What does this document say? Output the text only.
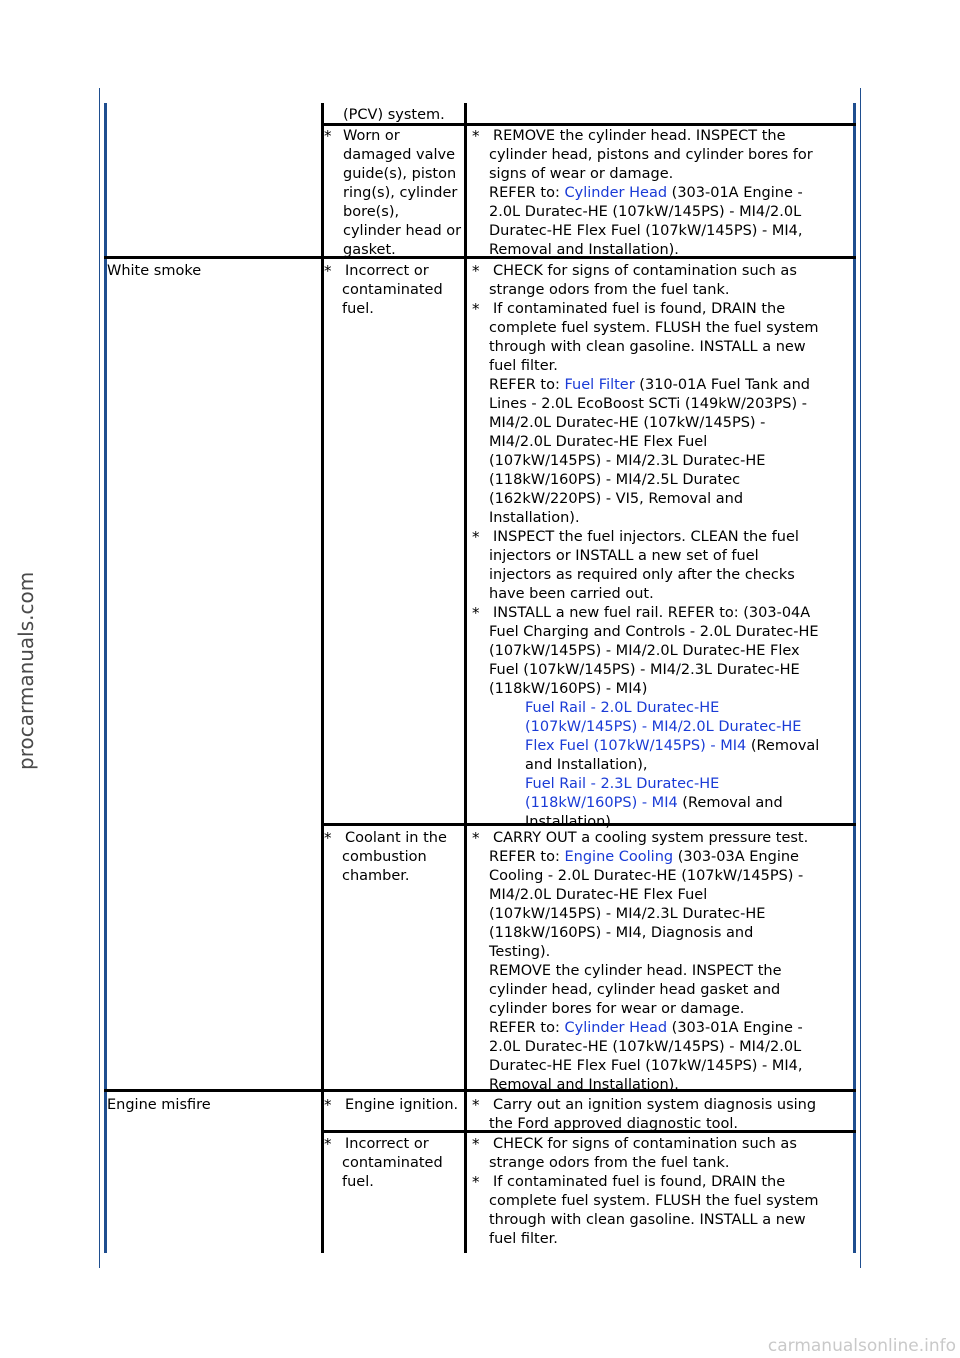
(PCV) system.
* Worn or
damaged valve
guide(s), piston
ring(s), cylinder
bore(s),
cylinder head or
gasket.
* REMOVE the cylinder head. INSPECT the
cylinder head, pistons and cylinder bores for
signs of wear or damage.
REFER to: Cylinder Head (303-01A Engine -
2.0L Duratec-HE (107kW/145PS) - MI4/2.0L
Duratec-HE Flex Fuel (107kW/145PS) - MI4,
Removal and Installation).
White smoke	* Incorrect or
contaminated
fuel.
* CHECK for signs of contamination such as
strange odors from the fuel tank.
* If contaminated fuel is found, DRAIN the
complete fuel system. FLUSH the fuel system
through with clean gasoline. INSTALL a new
fuel filter.
REFER to: Fuel Filter (310-01A Fuel Tank and
Lines - 2.0L EcoBoost SCTi (149kW/203PS) -
MI4/2.0L Duratec-HE (107kW/145PS) -
MI4/2.0L Duratec-HE Flex Fuel
(107kW/145PS) - MI4/2.3L Duratec-HE
(118kW/160PS) - MI4/2.5L Duratec
(162kW/220PS) - VI5, Removal and
Installation).
* INSPECT the fuel injectors. CLEAN the fuel
injectors or INSTALL a new set of fuel
injectors as required only after the checks
have been carried out.
* INSTALL a new fuel rail. REFER to: (303-04A
Fuel Charging and Controls - 2.0L Duratec-HE
(107kW/145PS) - MI4/2.0L Duratec-HE Flex
Fuel (107kW/145PS) - MI4/2.3L Duratec-HE
(118kW/160PS) - MI4)
Fuel Rail - 2.0L Duratec-HE
(107kW/145PS) - MI4/2.0L Duratec-HE
Flex Fuel (107kW/145PS) - MI4 (Removal
and Installation),
Fuel Rail - 2.3L Duratec-HE
(118kW/160PS) - MI4 (Removal and
Installation).
* Coolant in the
combustion
chamber.
* CARRY OUT a cooling system pressure test.
REFER to: Engine Cooling (303-03A Engine
Cooling - 2.0L Duratec-HE (107kW/145PS) -
MI4/2.0L Duratec-HE Flex Fuel
(107kW/145PS) - MI4/2.3L Duratec-HE
(118kW/160PS) - MI4, Diagnosis and
Testing).
REMOVE the cylinder head. INSPECT the
cylinder head, cylinder head gasket and
cylinder bores for wear or damage.
REFER to: Cylinder Head (303-01A Engine -
2.0L Duratec-HE (107kW/145PS) - MI4/2.0L
Duratec-HE Flex Fuel (107kW/145PS) - MI4,
Removal and Installation).
Engine misfire	* Engine ignition. * Carry out an ignition system diagnosis using
the Ford approved diagnostic tool.
* Incorrect or
contaminated
fuel.
* CHECK for signs of contamination such as
strange odors from the fuel tank.
* If contaminated fuel is found, DRAIN the
complete fuel system. FLUSH the fuel system
through with clean gasoline. INSTALL a new
fuel filter.
procarmanuals.com
carmanualsonline.info
